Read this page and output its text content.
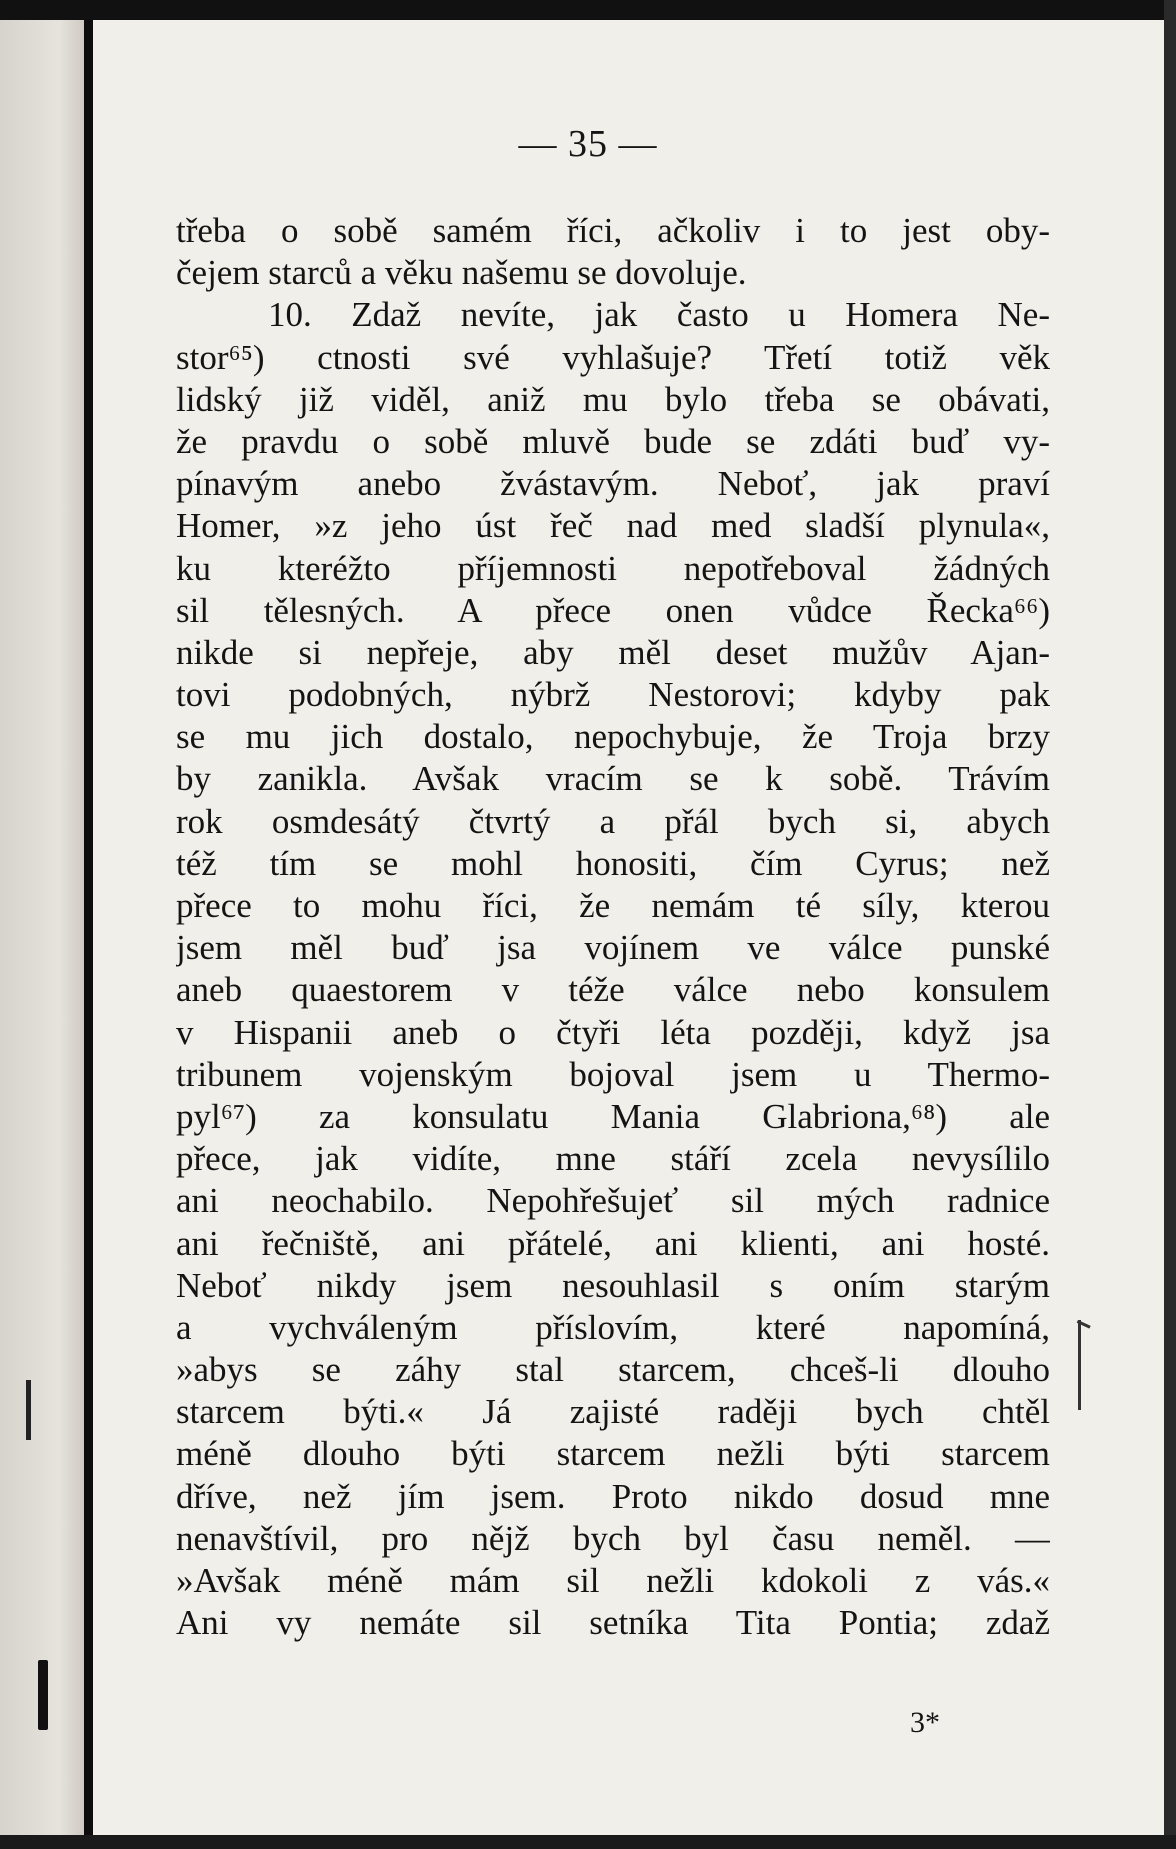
— 35 —
třeba o sobě samém říci, ačkoliv i to jest oby-
čejem starců a věku našemu se dovoluje.
10. Zdaž nevíte, jak často u Homera Ne-
stor⁶⁵) ctnosti své vyhlašuje? Třetí totiž věk
lidský již viděl, aniž mu bylo třeba se obávati,
že pravdu o sobě mluvě bude se zdáti buď vy-
pínavým anebo žvástavým. Neboť, jak praví
Homer, »z jeho úst řeč nad med sladší plynula«,
ku kteréžto příjemnosti nepotřeboval žádných
sil tělesných. A přece onen vůdce Řecka⁶⁶)
nikde si nepřeje, aby měl deset mužův Ajan-
tovi podobných, nýbrž Nestorovi; kdyby pak
se mu jich dostalo, nepochybuje, že Troja brzy
by zanikla. Avšak vracím se k sobě. Trávím
rok osmdesátý čtvrtý a přál bych si, abych
též tím se mohl honositi, čím Cyrus; než
přece to mohu říci, že nemám té síly, kterou
jsem měl buď jsa vojínem ve válce punské
aneb quaestorem v téže válce nebo konsulem
v Hispanii aneb o čtyři léta později, když jsa
tribunem vojenským bojoval jsem u Thermo-
pyl⁶⁷) za konsulatu Mania Glabriona,⁶⁸) ale
přece, jak vidíte, mne stáří zcela nevysílilo
ani neochabilo. Nepohřešujeť sil mých radnice
ani řečniště, ani přátelé, ani klienti, ani hosté.
Neboť nikdy jsem nesouhlasil s oním starým
a vychváleným příslovím, které napomíná,
»abys se záhy stal starcem, chceš-li dlouho
starcem býti.« Já zajisté raději bych chtěl
méně dlouho býti starcem nežli býti starcem
dříve, než jím jsem. Proto nikdo dosud mne
nenavštívil, pro nějž bych byl času neměl. —
»Avšak méně mám sil nežli kdokoli z vás.«
Ani vy nemáte sil setníka Tita Pontia; zdaž
3*
